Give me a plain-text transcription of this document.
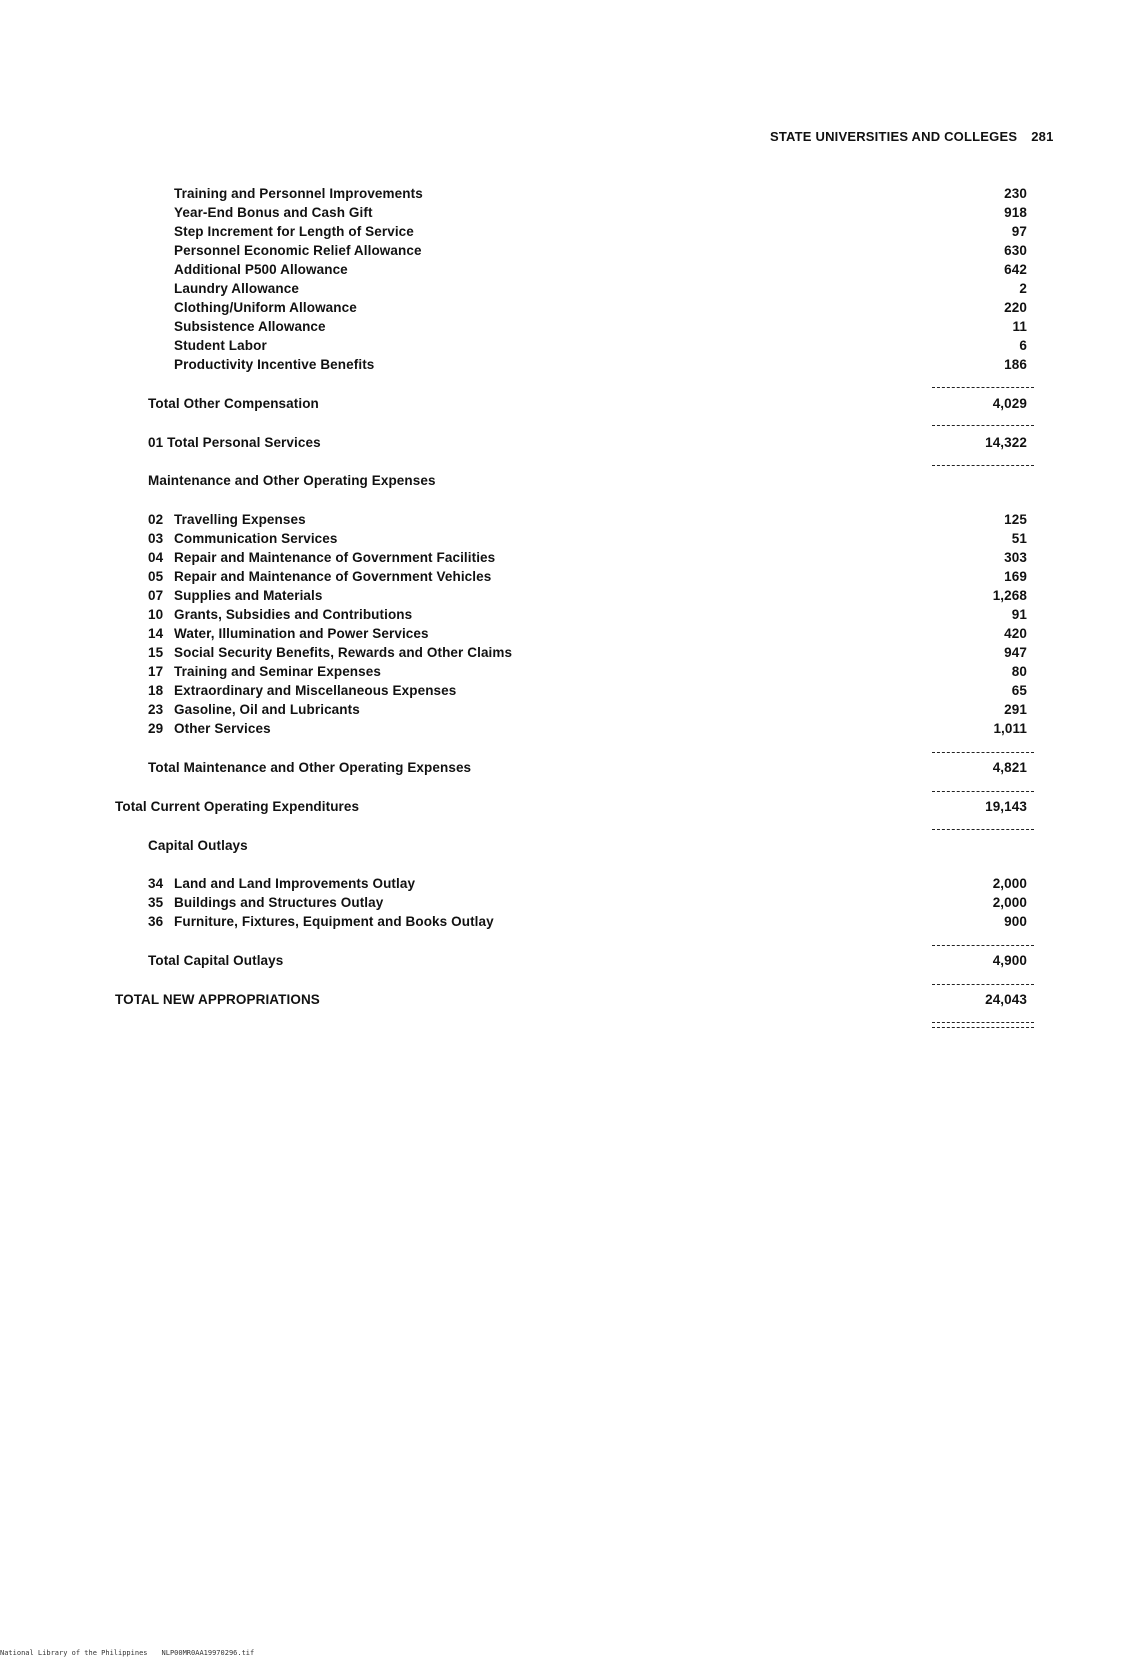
STATE UNIVERSITIES AND COLLEGES 281
Training and Personnel Improvements	230
Year-End Bonus and Cash Gift	918
Step Increment for Length of Service	97
Personnel Economic Relief Allowance	630
Additional P500 Allowance	642
Laundry Allowance	2
Clothing/Uniform Allowance	220
Subsistence Allowance	11
Student Labor	6
Productivity Incentive Benefits	186
Total Other Compensation	4,029
01 Total Personal Services	14,322
Maintenance and Other Operating Expenses
02 Travelling Expenses	125
03 Communication Services	51
04 Repair and Maintenance of Government Facilities	303
05 Repair and Maintenance of Government Vehicles	169
07 Supplies and Materials	1,268
10 Grants, Subsidies and Contributions	91
14 Water, Illumination and Power Services	420
15 Social Security Benefits, Rewards and Other Claims	947
17 Training and Seminar Expenses	80
18 Extraordinary and Miscellaneous Expenses	65
23 Gasoline, Oil and Lubricants	291
29 Other Services	1,011
Total Maintenance and Other Operating Expenses	4,821
Total Current Operating Expenditures	19,143
Capital Outlays
34 Land and Land Improvements Outlay	2,000
35 Buildings and Structures Outlay	2,000
36 Furniture, Fixtures, Equipment and Books Outlay	900
Total Capital Outlays	4,900
TOTAL NEW APPROPRIATIONS	24,043
National Library of the Philippines NLP00MR0AA19970296.tif
